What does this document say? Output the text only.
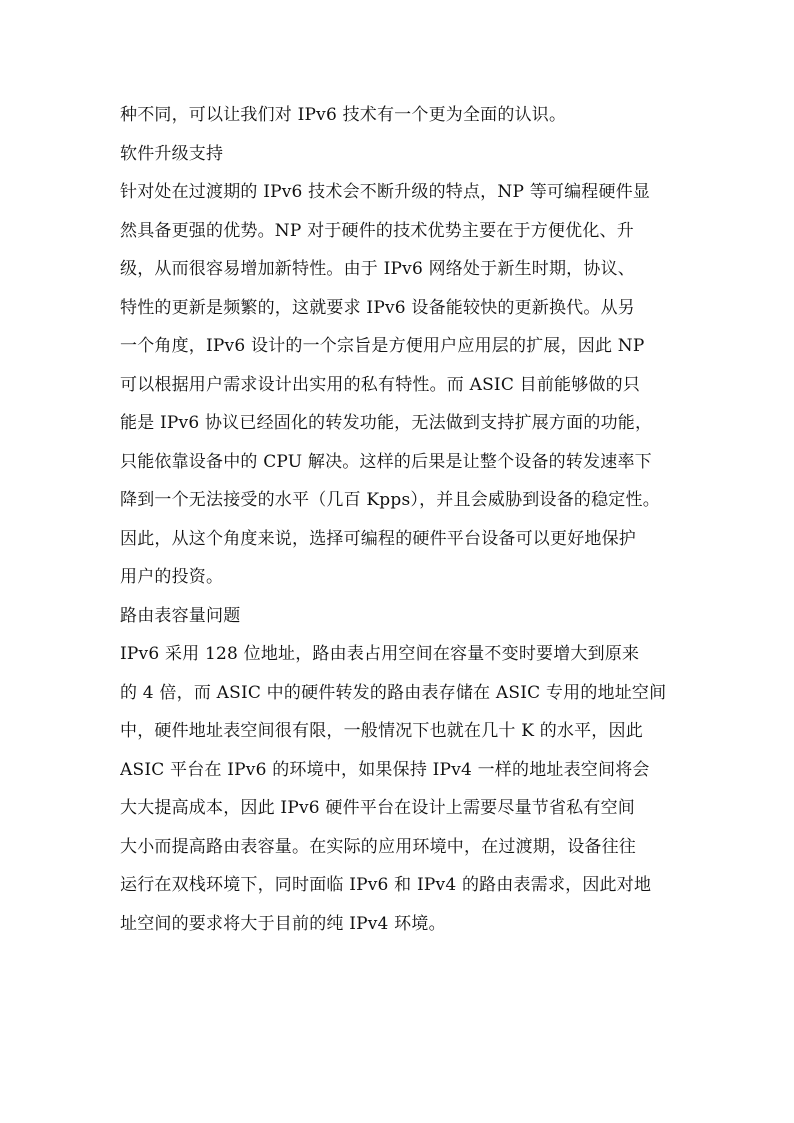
种不同，可以让我们对 IPv6 技术有一个更为全面的认识。
软件升级支持
针对处在过渡期的 IPv6 技术会不断升级的特点，NP 等可编程硬件显
然具备更强的优势。NP 对于硬件的技术优势主要在于方便优化、升
级，从而很容易增加新特性。由于 IPv6 网络处于新生时期，协议、
特性的更新是频繁的，这就要求 IPv6 设备能较快的更新换代。从另
一个角度，IPv6 设计的一个宗旨是方便用户应用层的扩展，因此 NP
可以根据用户需求设计出实用的私有特性。而 ASIC 目前能够做的只
能是 IPv6 协议已经固化的转发功能，无法做到支持扩展方面的功能，
只能依靠设备中的 CPU 解决。这样的后果是让整个设备的转发速率下
降到一个无法接受的水平（几百 Kpps），并且会威胁到设备的稳定性。
因此，从这个角度来说，选择可编程的硬件平台设备可以更好地保护
用户的投资。
路由表容量问题
IPv6 采用 128 位地址，路由表占用空间在容量不变时要增大到原来
的 4 倍，而 ASIC 中的硬件转发的路由表存储在 ASIC 专用的地址空间
中，硬件地址表空间很有限，一般情况下也就在几十 K 的水平，因此
ASIC 平台在 IPv6 的环境中，如果保持 IPv4 一样的地址表空间将会
大大提高成本，因此 IPv6 硬件平台在设计上需要尽量节省私有空间
大小而提高路由表容量。在实际的应用环境中，在过渡期，设备往往
运行在双栈环境下，同时面临 IPv6 和 IPv4 的路由表需求，因此对地
址空间的要求将大于目前的纯 IPv4 环境。
